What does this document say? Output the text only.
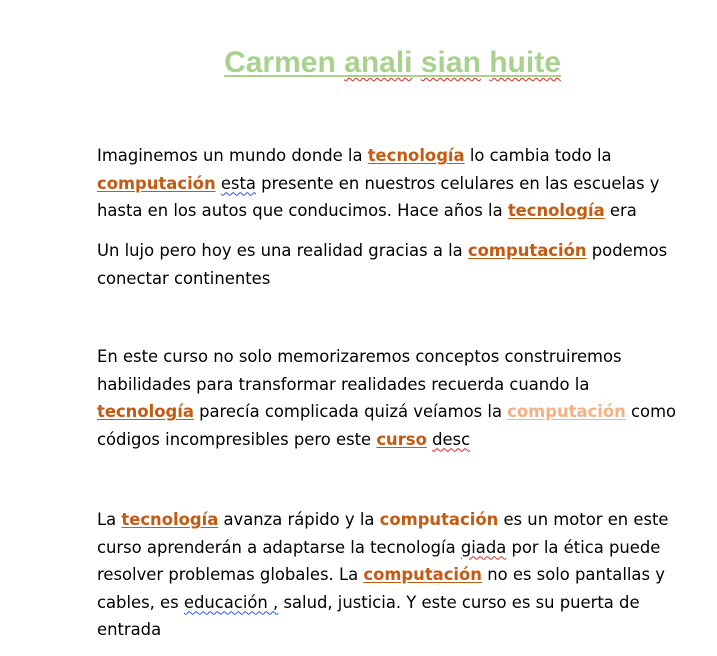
Carmen anali sian huite
Imaginemos un mundo donde la tecnología lo cambia todo la
computación esta presente en nuestros celulares en las escuelas y
hasta en los autos que conducimos. Hace años la tecnología era
Un lujo pero hoy es una realidad gracias a la computación podemos
conectar continentes
En este curso no solo memorizaremos conceptos construiremos
habilidades para transformar realidades recuerda cuando la
tecnología parecía complicada quizá veíamos la computación como
códigos incompresibles pero este curso desc
La tecnología avanza rápido y la computación es un motor en este
curso aprenderán a adaptarse la tecnología giada por la ética puede
resolver problemas globales. La computación no es solo pantallas y
cables, es educación , salud, justicia. Y este curso es su puerta de
entrada
